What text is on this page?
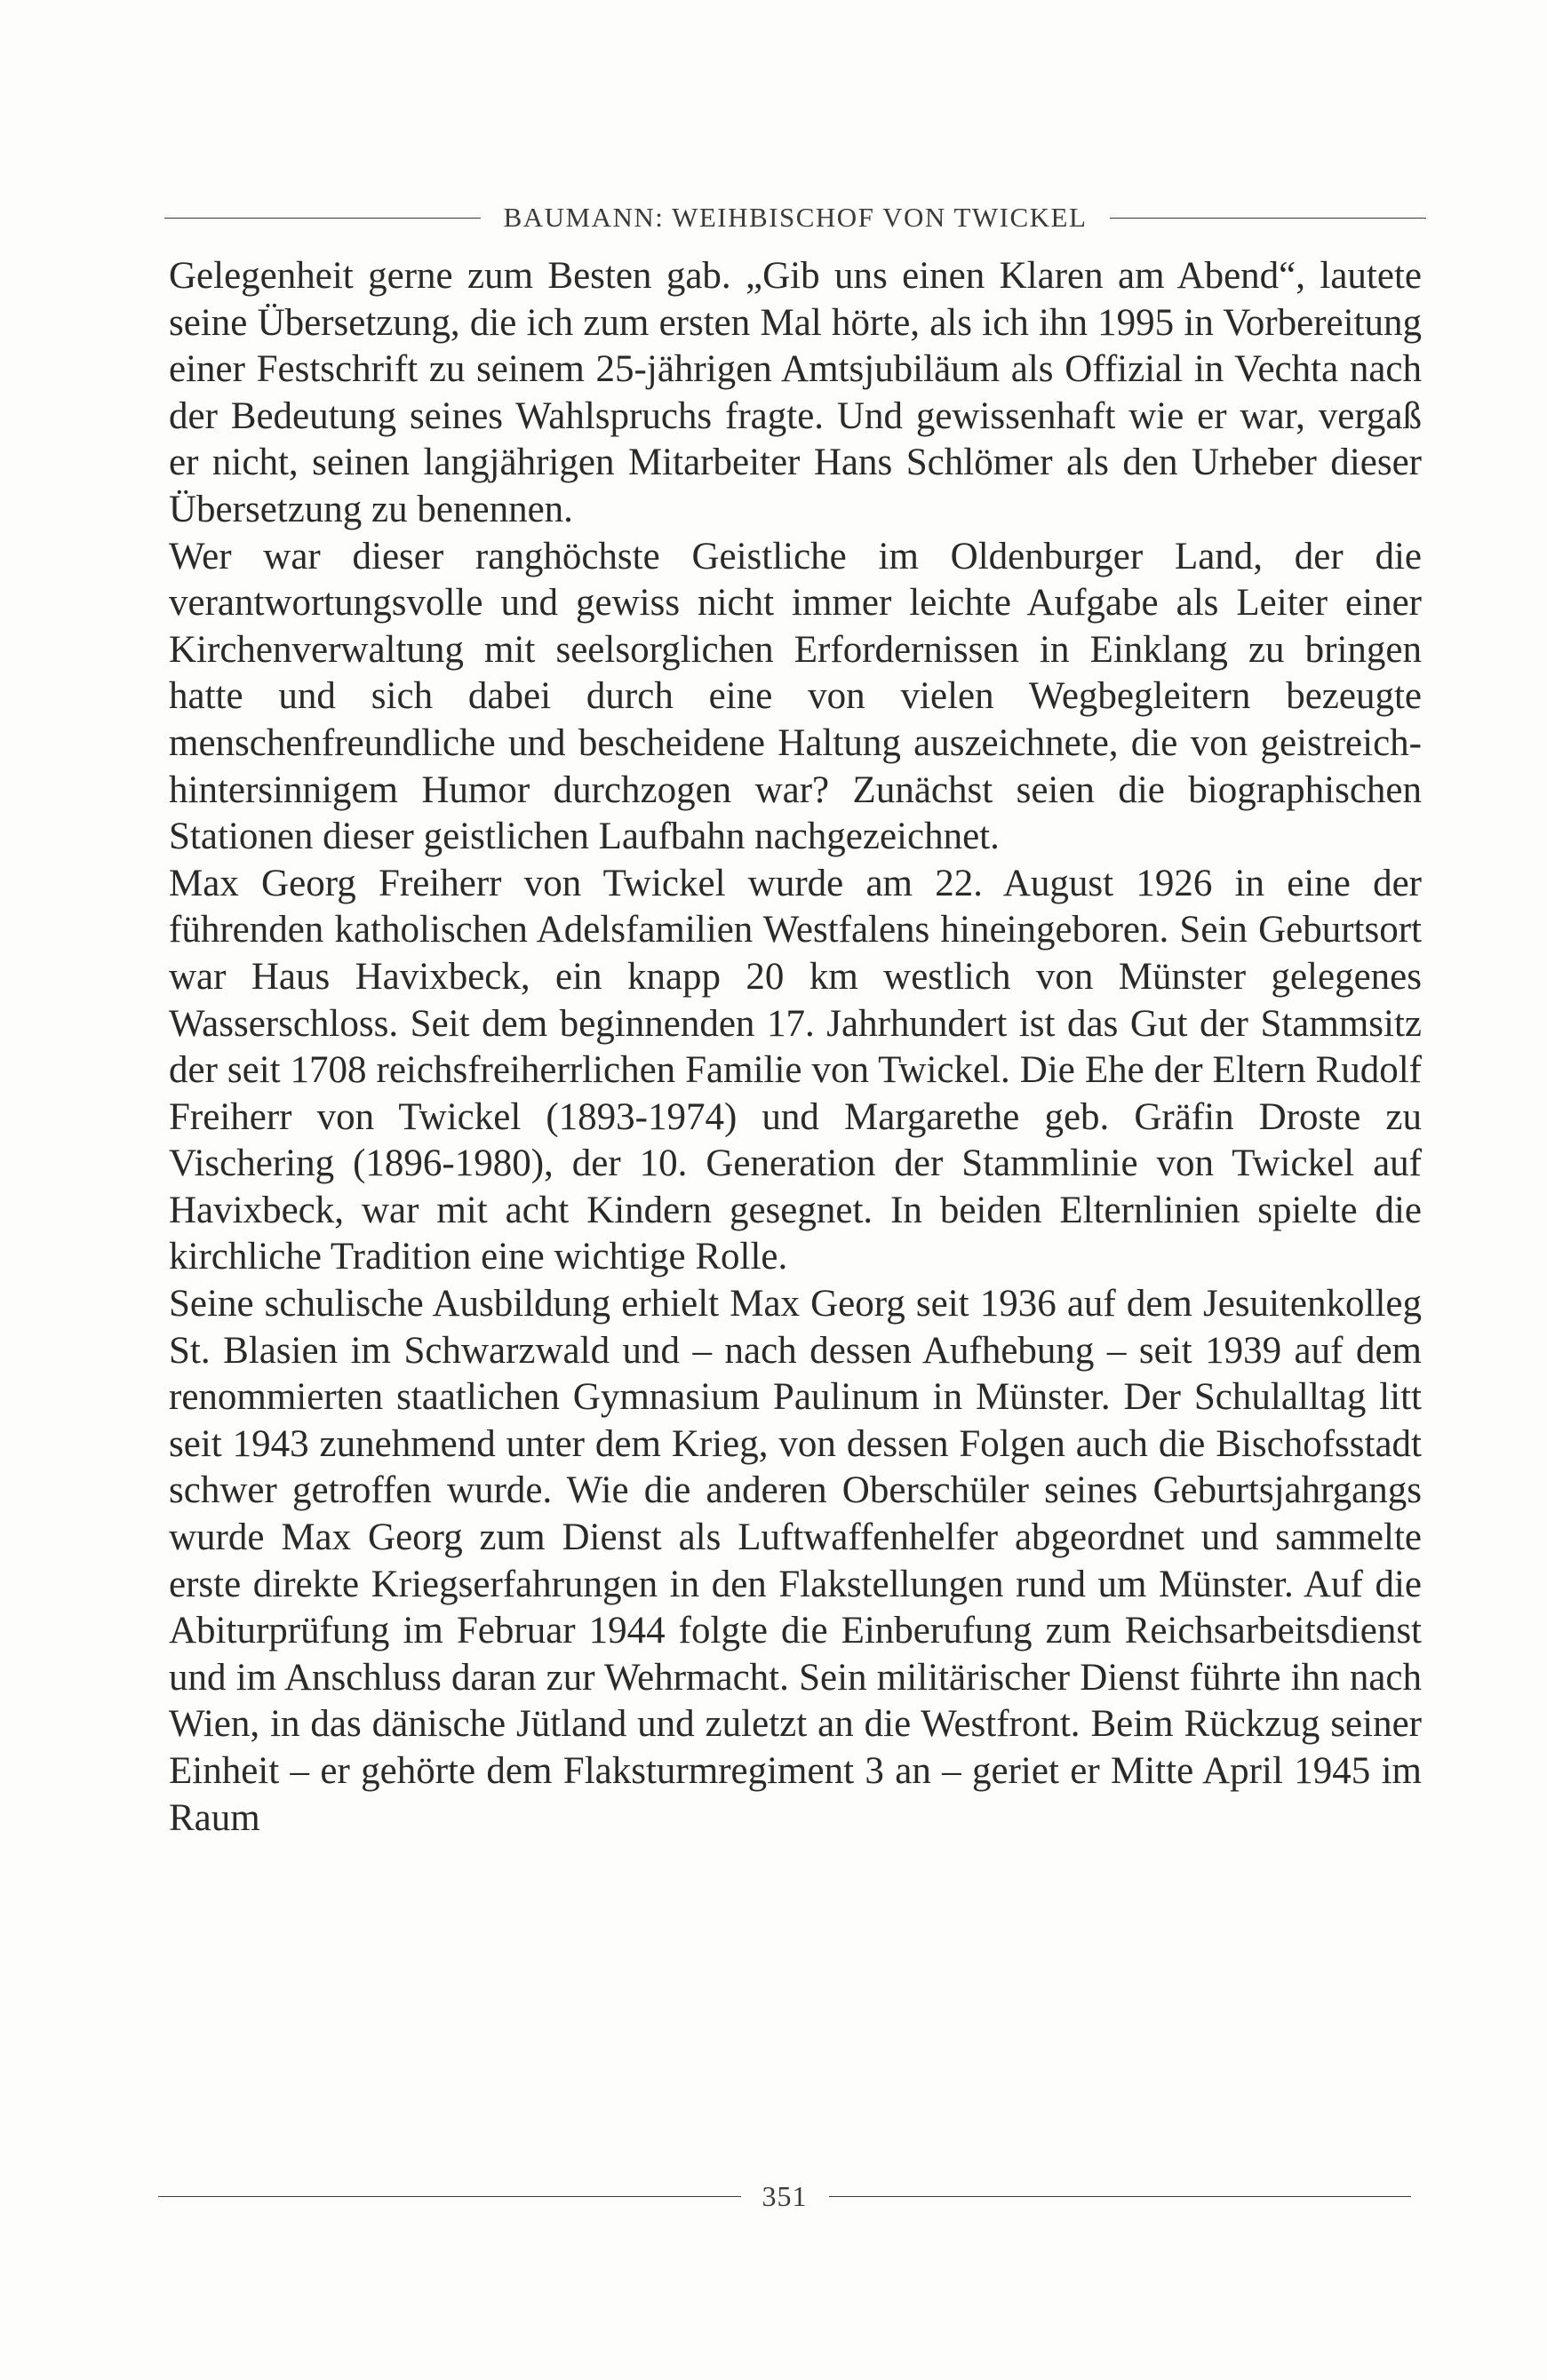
BAUMANN: WEIHBISCHOF VON TWICKEL

Gelegenheit gerne zum Besten gab. „Gib uns einen Klaren am Abend“, lautete seine Übersetzung, die ich zum ersten Mal hörte, als ich ihn 1995 in Vorbereitung einer Festschrift zu seinem 25-jährigen Amtsjubiläum als Offizial in Vechta nach der Bedeutung seines Wahlspruchs fragte. Und gewissenhaft wie er war, vergaß er nicht, seinen langjährigen Mitarbeiter Hans Schlömer als den Urheber dieser Übersetzung zu benennen.

Wer war dieser ranghöchste Geistliche im Oldenburger Land, der die verantwortungsvolle und gewiss nicht immer leichte Aufgabe als Leiter einer Kirchenverwaltung mit seelsorglichen Erfordernissen in Einklang zu bringen hatte und sich dabei durch eine von vielen Wegbegleitern bezeugte menschenfreundliche und bescheidene Haltung auszeichnete, die von geistreich-hintersinnigem Humor durchzogen war? Zunächst seien die biographischen Stationen dieser geistlichen Laufbahn nachgezeichnet.

Max Georg Freiherr von Twickel wurde am 22. August 1926 in eine der führenden katholischen Adelsfamilien Westfalens hineingeboren. Sein Geburtsort war Haus Havixbeck, ein knapp 20 km westlich von Münster gelegenes Wasserschloss. Seit dem beginnenden 17. Jahrhundert ist das Gut der Stammsitz der seit 1708 reichsfreiherrlichen Familie von Twickel. Die Ehe der Eltern Rudolf Freiherr von Twickel (1893-1974) und Margarethe geb. Gräfin Droste zu Vischering (1896-1980), der 10. Generation der Stammlinie von Twickel auf Havixbeck, war mit acht Kindern gesegnet. In beiden Elternlinien spielte die kirchliche Tradition eine wichtige Rolle.

Seine schulische Ausbildung erhielt Max Georg seit 1936 auf dem Jesuitenkolleg St. Blasien im Schwarzwald und – nach dessen Aufhebung – seit 1939 auf dem renommierten staatlichen Gymnasium Paulinum in Münster. Der Schulalltag litt seit 1943 zunehmend unter dem Krieg, von dessen Folgen auch die Bischofsstadt schwer getroffen wurde. Wie die anderen Oberschüler seines Geburtsjahrgangs wurde Max Georg zum Dienst als Luftwaffenhelfer abgeordnet und sammelte erste direkte Kriegserfahrungen in den Flakstellungen rund um Münster. Auf die Abiturprüfung im Februar 1944 folgte die Einberufung zum Reichsarbeitsdienst und im Anschluss daran zur Wehrmacht. Sein militärischer Dienst führte ihn nach Wien, in das dänische Jütland und zuletzt an die Westfront. Beim Rückzug seiner Einheit – er gehörte dem Flaksturmregiment 3 an – geriet er Mitte April 1945 im Raum

351
